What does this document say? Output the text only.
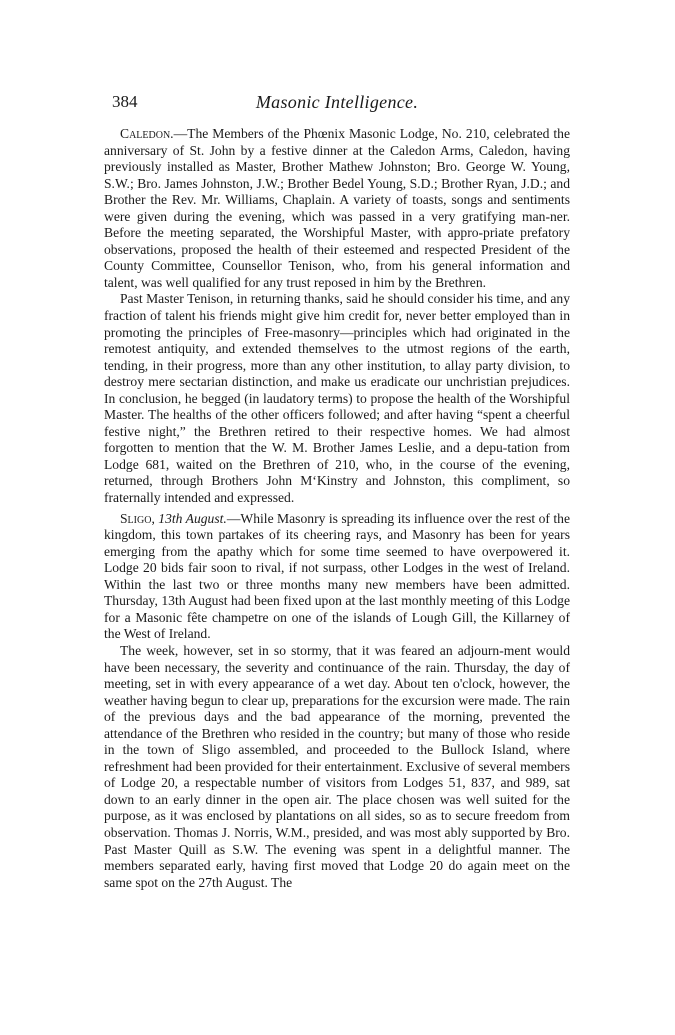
384	Masonic Intelligence.

Caledon.—The Members of the Phœnix Masonic Lodge, No. 210, celebrated the anniversary of St. John by a festive dinner at the Caledon Arms, Caledon, having previously installed as Master, Brother Mathew Johnston; Bro. George W. Young, S.W.; Bro. James Johnston, J.W.; Brother Bedel Young, S.D.; Brother Ryan, J.D.; and Brother the Rev. Mr. Williams, Chaplain. A variety of toasts, songs and sentiments were given during the evening, which was passed in a very gratifying man-ner. Before the meeting separated, the Worshipful Master, with appro-priate prefatory observations, proposed the health of their esteemed and respected President of the County Committee, Counsellor Tenison, who, from his general information and talent, was well qualified for any trust reposed in him by the Brethren.

Past Master Tenison, in returning thanks, said he should consider his time, and any fraction of talent his friends might give him credit for, never better employed than in promoting the principles of Free-masonry—principles which had originated in the remotest antiquity, and extended themselves to the utmost regions of the earth, tending, in their progress, more than any other institution, to allay party division, to destroy mere sectarian distinction, and make us eradicate our unchristian prejudices. In conclusion, he begged (in laudatory terms) to propose the health of the Worshipful Master. The healths of the other officers followed; and after having “spent a cheerful festive night,” the Brethren retired to their respective homes. We had almost forgotten to mention that the W. M. Brother James Leslie, and a depu-tation from Lodge 681, waited on the Brethren of 210, who, in the course of the evening, returned, through Brothers John M‘Kinstry and Johnston, this compliment, so fraternally intended and expressed.

Sligo, 13th August.—While Masonry is spreading its influence over the rest of the kingdom, this town partakes of its cheering rays, and Masonry has been for years emerging from the apathy which for some time seemed to have overpowered it. Lodge 20 bids fair soon to rival, if not surpass, other Lodges in the west of Ireland. Within the last two or three months many new members have been admitted. Thursday, 13th August had been fixed upon at the last monthly meeting of this Lodge for a Masonic fête champetre on one of the islands of Lough Gill, the Killarney of the West of Ireland.

The week, however, set in so stormy, that it was feared an adjourn-ment would have been necessary, the severity and continuance of the rain. Thursday, the day of meeting, set in with every appearance of a wet day. About ten o'clock, however, the weather having begun to clear up, preparations for the excursion were made. The rain of the previous days and the bad appearance of the morning, prevented the attendance of the Brethren who resided in the country; but many of those who reside in the town of Sligo assembled, and proceeded to the Bullock Island, where refreshment had been provided for their entertainment. Exclusive of several members of Lodge 20, a respectable number of visitors from Lodges 51, 837, and 989, sat down to an early dinner in the open air. The place chosen was well suited for the purpose, as it was enclosed by plantations on all sides, so as to secure freedom from observation. Thomas J. Norris, W.M., presided, and was most ably supported by Bro. Past Master Quill as S.W. The evening was spent in a delightful manner. The members separated early, having first moved that Lodge 20 do again meet on the same spot on the 27th August. The
